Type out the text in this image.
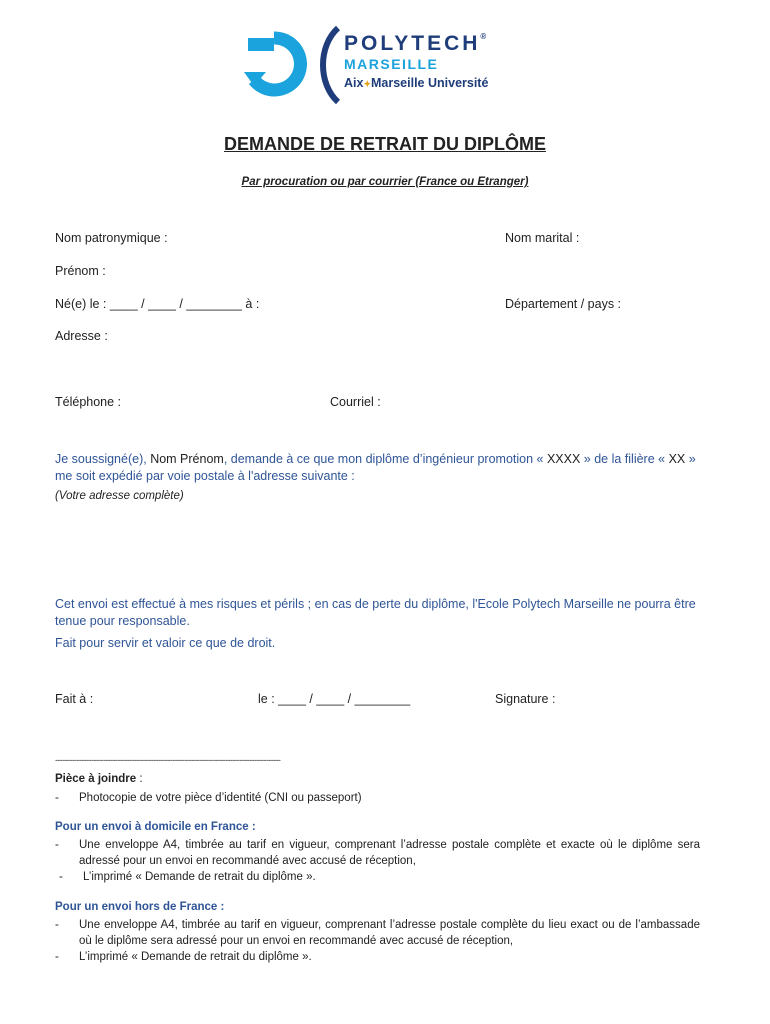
POLYTECH®
MARSEILLE
Aix✦Marseille Université
DEMANDE DE RETRAIT DU DIPLÔME
Par procuration ou par courrier (France ou Etranger)
Nom patronymique :	Nom marital :
Prénom :
Né(e) le : ____ / ____ / ________ à :	Département / pays :
Adresse :
Téléphone :	Courriel :
Je soussigné(e), Nom Prénom, demande à ce que mon diplôme d’ingénieur promotion « XXXX » de la filière « XX » me soit expédié par voie postale à l'adresse suivante :
(Votre adresse complète)
Cet envoi est effectué à mes risques et périls ; en cas de perte du diplôme, l'Ecole Polytech Marseille ne pourra être tenue pour responsable.
Fait pour servir et valoir ce que de droit.
Fait à :	le : ____ / ____ / ________	Signature :
----------------------------------------------------------------------------------------------
Pièce à joindre :
- Photocopie de votre pièce d’identité (CNI ou passeport)
Pour un envoi à domicile en France :
- Une enveloppe A4, timbrée au tarif en vigueur, comprenant l’adresse postale complète et exacte où le diplôme sera adressé pour un envoi en recommandé avec accusé de réception,
- L’imprimé « Demande de retrait du diplôme ».
Pour un envoi hors de France :
- Une enveloppe A4, timbrée au tarif en vigueur, comprenant l’adresse postale complète du lieu exact ou de l’ambassade où le diplôme sera adressé pour un envoi en recommandé avec accusé de réception,
- L’imprimé « Demande de retrait du diplôme ».
